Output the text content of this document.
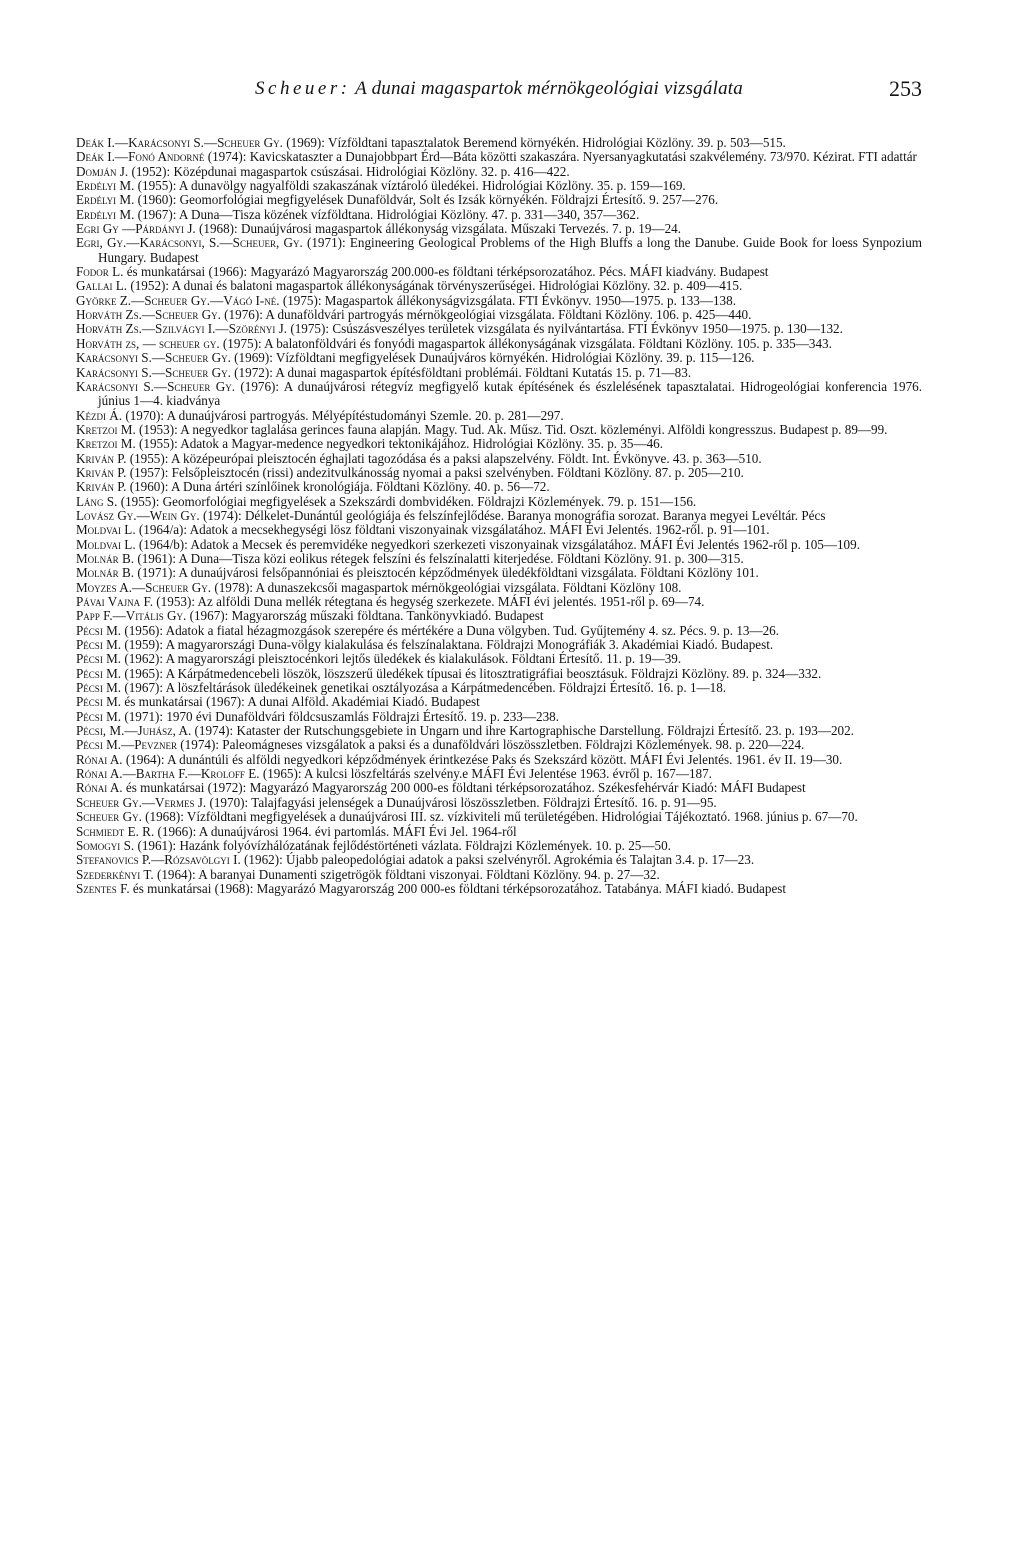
Scheuer: A dunai magaspartok mérnökgeológiai vizsgálata	253

Deák I.—Karácsonyi S.—Scheuer Gy. (1969): Vízföldtani tapasztalatok Beremend környékén. Hidrológiai Közlöny. 39. p. 503—515.

Deák I.—Fonó Andorné (1974): Kavicskataszter a Dunajobbpart Érd—Báta közötti szakaszára. Nyersanyagkutatási szakvélemény. 73/970. Kézirat. FTI adattár

Domján J. (1952): Középdunai magaspartok csúszásai. Hidrológiai Közlöny. 32. p. 416—422.

Erdélyi M. (1955): A dunavölgy nagyalföldi szakaszának víztároló üledékei. Hidrológiai Közlöny. 35. p. 159—169.

Erdélyi M. (1960): Geomorfológiai megfigyelések Dunaföldvár, Solt és Izsák környékén. Földrajzi Értesítő. 9. 257—276.

Erdélyi M. (1967): A Duna—Tisza közének vízföldtana. Hidrológiai Közlöny. 47. p. 331—340, 357—362.

Egri Gy —Párdányi J. (1968): Dunaújvárosi magaspartok állékonyság vizsgálata. Műszaki Tervezés. 7. p. 19—24.

Egri, Gy.—Karácsonyi, S.—Scheuer, Gy. (1971): Engineering Geological Problems of the High Bluffs a long the Danube. Guide Book for loess Synpozium Hungary. Budapest

Fodor L. és munkatársai (1966): Magyarázó Magyarország 200.000-es földtani térképsorozatához. Pécs. MÁFI kiadvány. Budapest

Gallai L. (1952): A dunai és balatoni magaspartok állékonyságának törvényszerűségei. Hidrológiai Közlöny. 32. p. 409—415.

Györke Z.—Scheuer Gy.—Vágó I-né. (1975): Magaspartok állékonyságvizsgálata. FTI Évkönyv. 1950—1975. p. 133—138.

Horváth Zs.—Scheuer Gy. (1976): A dunaföldvári partrogyás mérnökgeológiai vizsgálata. Földtani Közlöny. 106. p. 425—440.

Horváth Zs.—Szilvágyi I.—Szörényi J. (1975): Csúszásveszélyes területek vizsgálata és nyilvántartása. FTI Évkönyv 1950—1975. p. 130—132.

Horváth zs, — scheuer gy. (1975): A balatonföldvári és fonyódi magaspartok állékonyságának vizsgálata. Földtani Közlöny. 105. p. 335—343.

Karácsonyi S.—Scheuer Gy. (1969): Vízföldtani megfigyelések Dunaújváros környékén. Hidrológiai Közlöny. 39. p. 115—126.

Karácsonyi S.—Scheuer Gy. (1972): A dunai magaspartok építésföldtani problémái. Földtani Kutatás 15. p. 71—83.

Karácsonyi S.—Scheuer Gy. (1976): A dunaújvárosi rétegvíz megfigyelő kutak építésének és észlelésének tapasztalatai. Hidrogeológiai konferencia 1976. június 1—4. kiadványa

Kézdi Á. (1970): A dunaújvárosi partrogyás. Mélyépítéstudományi Szemle. 20. p. 281—297.

Kretzoi M. (1953): A negyedkor taglalása gerinces fauna alapján. Magy. Tud. Ak. Műsz. Tid. Oszt. közleményi. Alföldi kongresszus. Budapest p. 89—99.

Kretzoi M. (1955): Adatok a Magyar-medence negyedkori tektonikájához. Hidrológiai Közlöny. 35. p. 35—46.

Kriván P. (1955): A középeurópai pleisztocén éghajlati tagozódása és a paksi alapszelvény. Földt. Int. Évkönyve. 43. p. 363—510.

Kriván P. (1957): Felsőpleisztocén (rissi) andezitvulkánosság nyomai a paksi szelvényben. Földtani Közlöny. 87. p. 205—210.

Kriván P. (1960): A Duna ártéri színlőinek kronológiája. Földtani Közlöny. 40. p. 56—72.

Láng S. (1955): Geomorfológiai megfigyelések a Szekszárdi dombvidéken. Földrajzi Közlemények. 79. p. 151—156.

Lovász Gy.—Wein Gy. (1974): Délkelet-Dunántúl geológiája és felszínfejlődése. Baranya monográfia sorozat. Baranya megyei Levéltár. Pécs

Moldvai L. (1964/a): Adatok a mecsekhegységi lösz földtani viszonyainak vizsgálatához. MÁFI Évi Jelentés. 1962-ről. p. 91—101.

Moldvai L. (1964/b): Adatok a Mecsek és peremvidéke negyedkori szerkezeti viszonyainak vizsgálatához. MÁFI Évi Jelentés 1962-ről p. 105—109.

Molnár B. (1961): A Duna—Tisza közi eolikus rétegek felszíni és felszínalatti kiterjedése. Földtani Közlöny. 91. p. 300—315.

Molnár B. (1971): A dunaújvárosi felsőpannóniai és pleisztocén képződmények üledékföldtani vizsgálata. Földtani Közlöny 101.

Moyzes A.—Scheuer Gy. (1978): A dunaszekcsői magaspartok mérnökgeológiai vizsgálata. Földtani Közlöny 108.

Pávai Vajna F. (1953): Az alföldi Duna mellék rétegtana és hegység szerkezete. MÁFI évi jelentés. 1951-ről p. 69—74.

Papp F.—Vitális Gy. (1967): Magyarország műszaki földtana. Tankönyvkiadó. Budapest

Pécsi M. (1956): Adatok a fiatal hézagmozgások szerepére és mértékére a Duna völgyben. Tud. Gyűjtemény 4. sz. Pécs. 9. p. 13—26.

Pécsi M. (1959): A magyarországi Duna-völgy kialakulása és felszínalaktana. Földrajzi Monográfiák 3. Akadémiai Kiadó. Budapest.

Pécsi M. (1962): A magyarországi pleisztocénkori lejtős üledékek és kialakulások. Földtani Értesítő. 11. p. 19—39.

Pécsi M. (1965): A Kárpátmedencebeli löszök, löszszerű üledékek típusai és litosztratigráfiai beosztásuk. Földrajzi Közlöny. 89. p. 324—332.

Pécsi M. (1967): A löszfeltárások üledékeinek genetikai osztályozása a Kárpátmedencében. Földrajzi Értesítő. 16. p. 1—18.

Pécsi M. és munkatársai (1967): A dunai Alföld. Akadémiai Kiadó. Budapest

Pécsi M. (1971): 1970 évi Dunaföldvári földcsuszamlás Földrajzi Értesítő. 19. p. 233—238.

Pécsi, M.—Juhász, A. (1974): Kataster der Rutschungsgebiete in Ungarn und ihre Kartographische Darstellung. Földrajzi Értesítő. 23. p. 193—202.

Pécsi M.—Pevzner (1974): Paleomágneses vizsgálatok a paksi és a dunaföldvári löszösszletben. Földrajzi Közlemények. 98. p. 220—224.

Rónai A. (1964): A dunántúli és alföldi negyedkori képződmények érintkezése Paks és Szekszárd között. MÁFI Évi Jelentés. 1961. év II. 19—30.

Rónai A.—Bartha F.—Kroloff E. (1965): A kulcsi löszfeltárás szelvény.e MÁFI Évi Jelentése 1963. évről p. 167—187.

Rónai A. és munkatársai (1972): Magyarázó Magyarország 200 000-es földtani térképsorozatához. Székesfehérvár Kiadó: MÁFI Budapest

Scheuer Gy.—Vermes J. (1970): Talajfagyási jelenségek a Dunaújvárosi löszösszletben. Földrajzi Értesítő. 16. p. 91—95.

Scheuer Gy. (1968): Vízföldtani megfigyelések a dunaújvárosi III. sz. vízkiviteli mű területégében. Hidrológiai Tájékoztató. 1968. június p. 67—70.

Schmiedt E. R. (1966): A dunaújvárosi 1964. évi partomlás. MÁFI Évi Jel. 1964-ről

Somogyi S. (1961): Hazánk folyóvízhálózatának fejlődéstörténeti vázlata. Földrajzi Közlemények. 10. p. 25—50.

Stefanovics P.—Rózsavölgyi I. (1962): Újabb paleopedológiai adatok a paksi szelvényről. Agrokémia és Talajtan 3.4. p. 17—23.

Szederkényi T. (1964): A baranyai Dunamenti szigetrögök földtani viszonyai. Földtani Közlöny. 94. p. 27—32.

Szentes F. és munkatársai (1968): Magyarázó Magyarország 200 000-es földtani térképsorozatához. Tatabánya. MÁFI kiadó. Budapest
